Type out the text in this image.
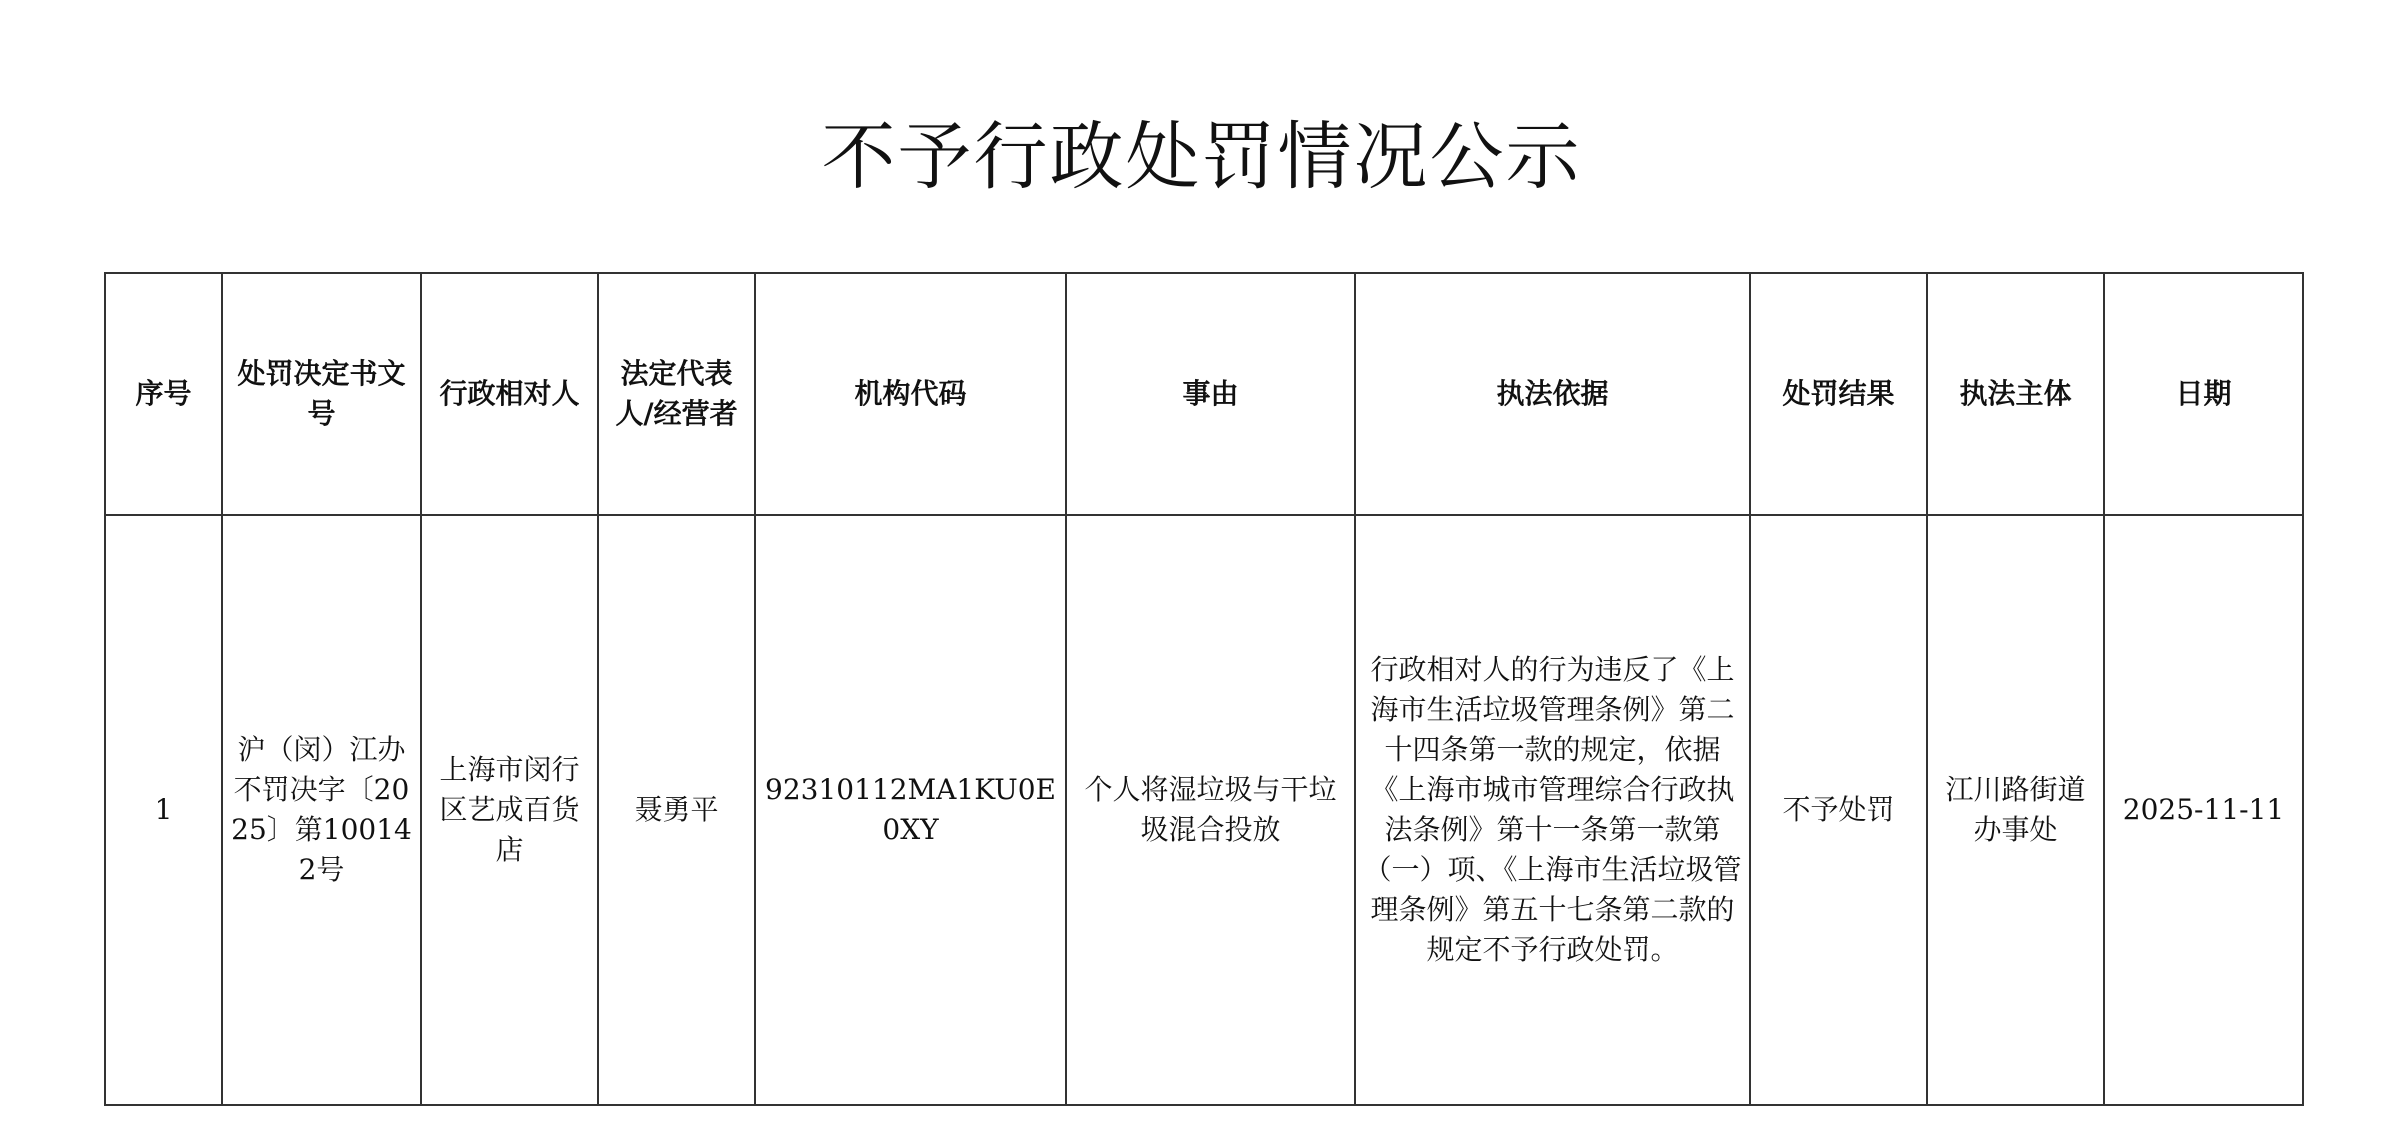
不予行政处罚情况公示
序号	处罚决定书文号	行政相对人	法定代表人/经营者	机构代码	事由	执法依据	处罚结果	执法主体	日期
1	沪（闵）江办不罚决字〔2025〕第100142号	上海市闵行区艺成百货店	聂勇平	92310112MA1KU0E0XY	个人将湿垃圾与干垃圾混合投放	行政相对人的行为违反了《上海市生活垃圾管理条例》第二十四条第一款的规定，依据《上海市城市管理综合行政执法条例》第十一条第一款第（一）项、《上海市生活垃圾管理条例》第五十七条第二款的规定不予行政处罚。	不予处罚	江川路街道办事处	2025-11-11
